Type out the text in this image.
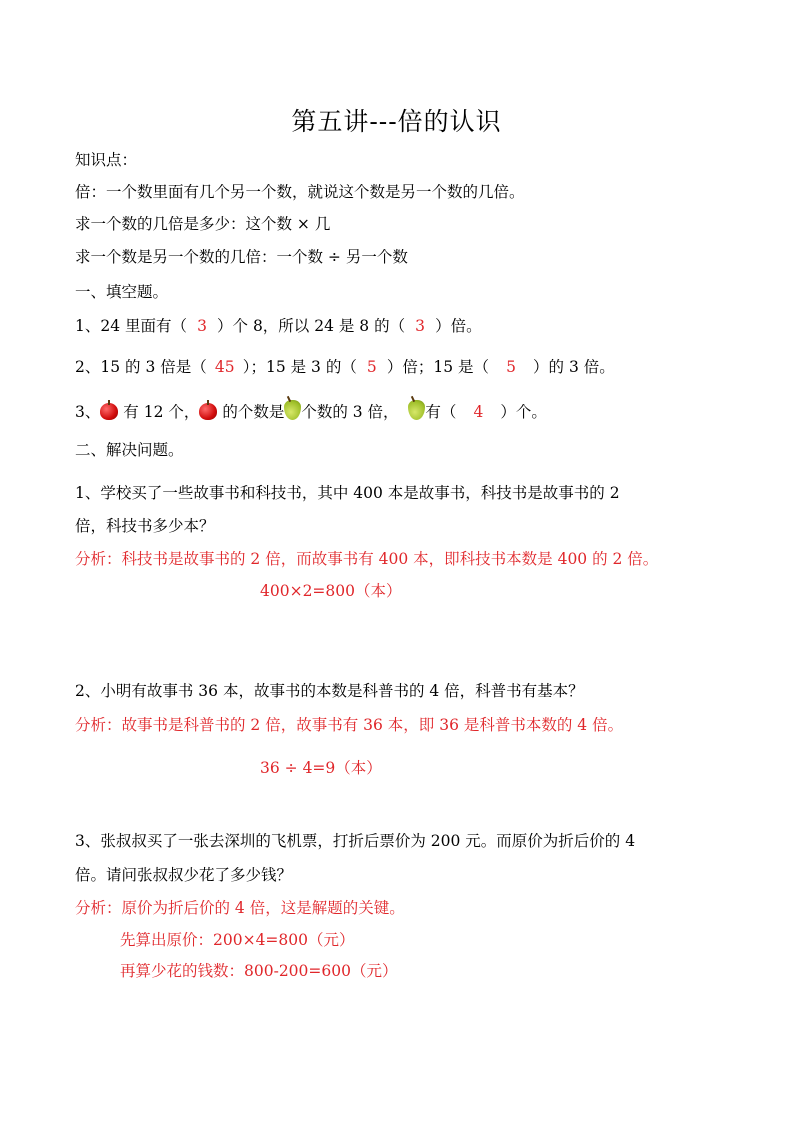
第五讲---倍的认识
知识点：
倍：一个数里面有几个另一个数，就说这个数是另一个数的几倍。
求一个数的几倍是多少：这个数 × 几
求一个数是另一个数的几倍：一个数 ÷ 另一个数
一、填空题。
1、24 里面有（ 3 ）个 8，所以 24 是 8 的（ 3 ）倍。
2、15 的 3 倍是（ 45 ）；15 是 3 的（ 5 ）倍；15 是（ 5 ）的 3 倍。
3、 有 12 个， 的个数是 个数的 3 倍， 有（ 4 ）个。
二、解决问题。
1、学校买了一些故事书和科技书，其中 400 本是故事书，科技书是故事书的 2
倍，科技书多少本？
分析：科技书是故事书的 2 倍，而故事书有 400 本，即科技书本数是 400 的 2 倍。
400×2=800（本）
2、小明有故事书 36 本，故事书的本数是科普书的 4 倍，科普书有基本？
分析：故事书是科普书的 2 倍，故事书有 36 本，即 36 是科普书本数的 4 倍。
36 ÷ 4=9（本）
3、张叔叔买了一张去深圳的飞机票，打折后票价为 200 元。而原价为折后价的 4
倍。请问张叔叔少花了多少钱？
分析：原价为折后价的 4 倍，这是解题的关键。
先算出原价：200×4=800（元）
再算少花的钱数：800-200=600（元）
